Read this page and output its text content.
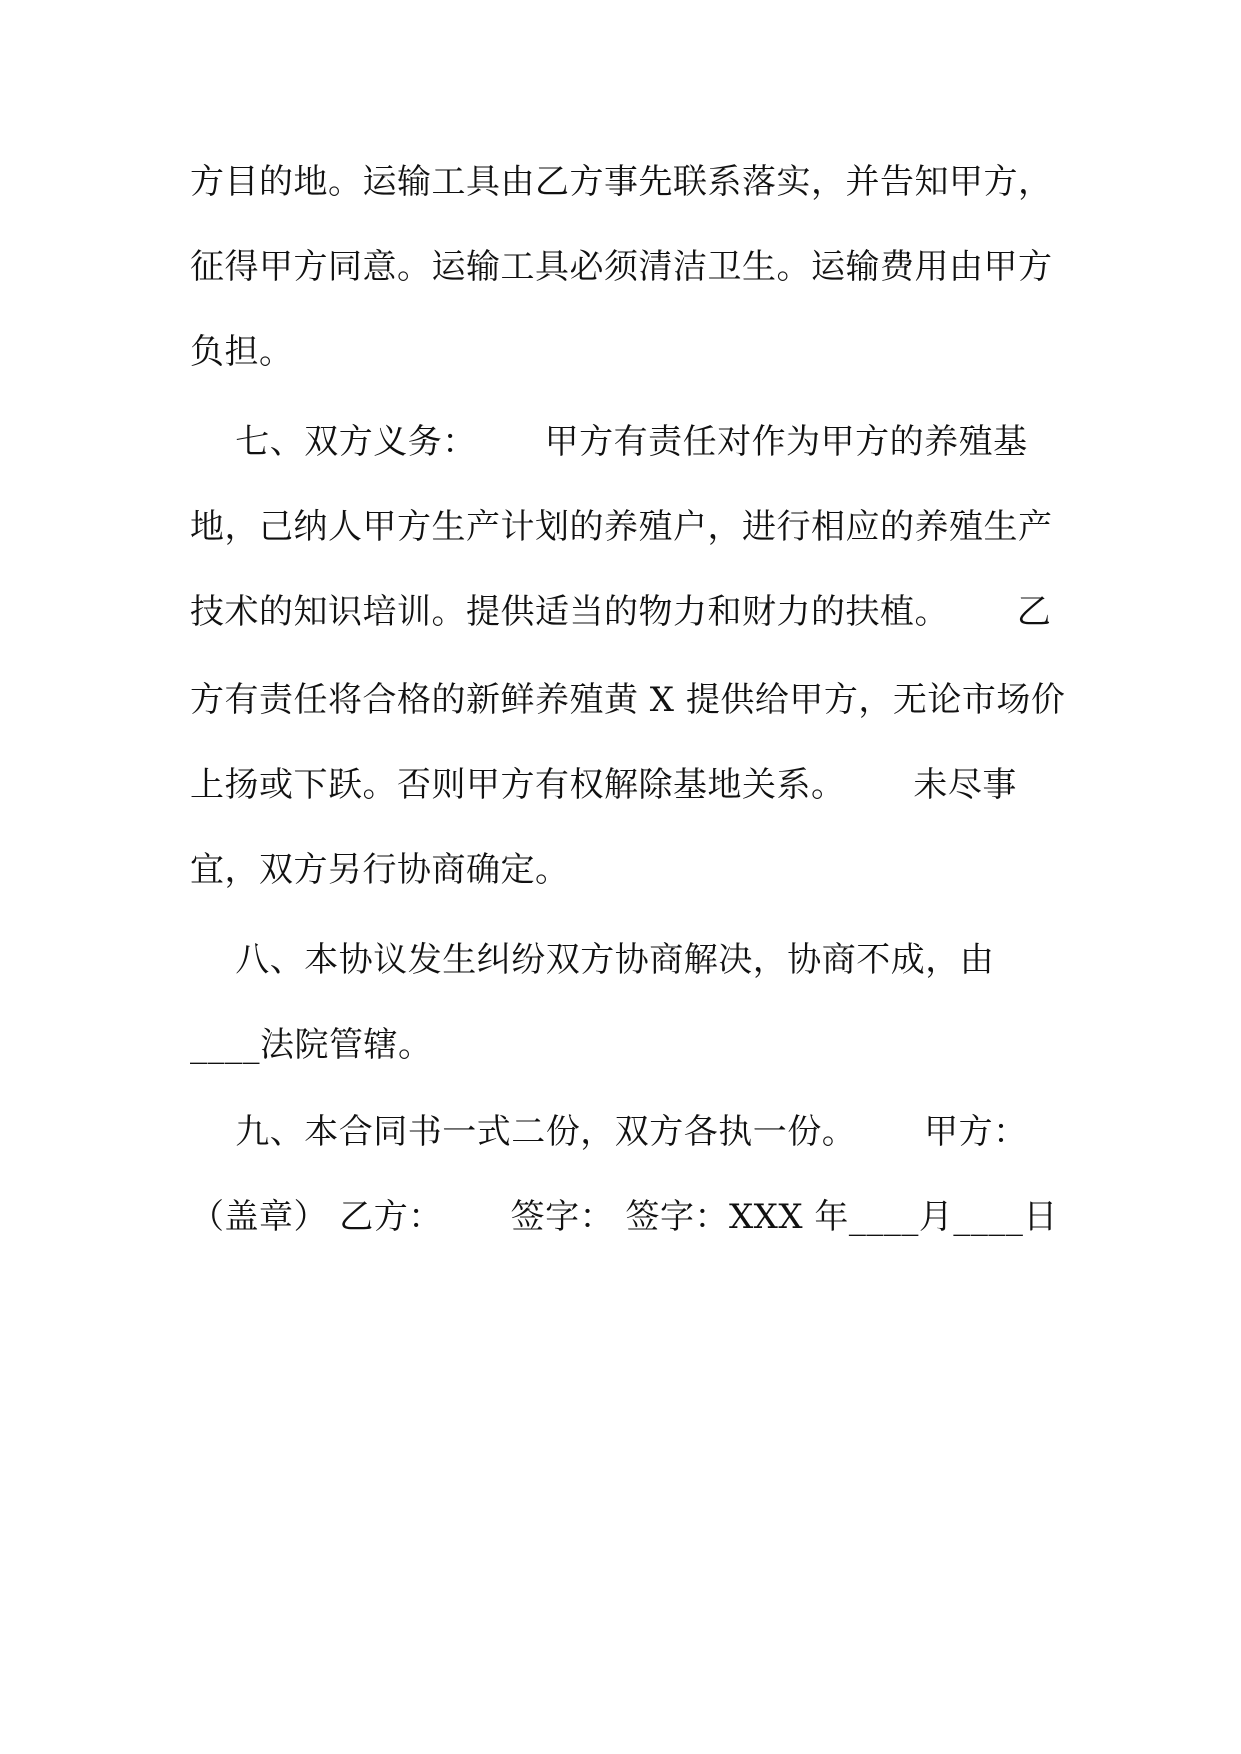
方目的地。运输工具由乙方事先联系落实，并告知甲方，
征得甲方同意。运输工具必须清洁卫生。运输费用由甲方
负担。
七、双方义务：      甲方有责任对作为甲方的养殖基
地，己纳人甲方生产计划的养殖户，进行相应的养殖生产
技术的知识培训。提供适当的物力和财力的扶植。      乙
方有责任将合格的新鲜养殖黄 X 提供给甲方，无论市场价
上扬或下跃。否则甲方有权解除基地关系。      未尽事
宜，双方另行协商确定。
八、本协议发生纠纷双方协商解决，协商不成，由
____法院管辖。
九、本合同书一式二份，双方各执一份。      甲方：
（盖章） 乙方：      签字： 签字：XXX 年____月____日
